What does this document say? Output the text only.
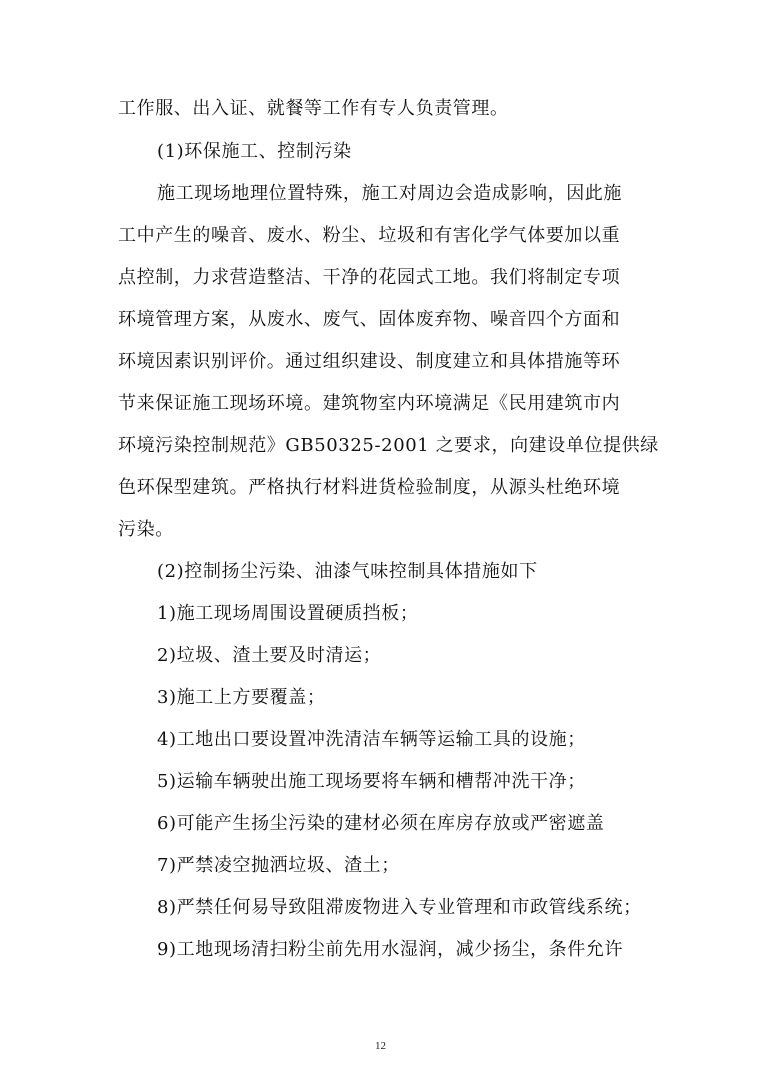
工作服、出入证、就餐等工作有专人负责管理。
(1)环保施工、控制污染
施工现场地理位置特殊，施工对周边会造成影响，因此施
工中产生的噪音、废水、粉尘、垃圾和有害化学气体要加以重
点控制，力求营造整洁、干净的花园式工地。我们将制定专项
环境管理方案，从废水、废气、固体废弃物、噪音四个方面和
环境因素识别评价。通过组织建设、制度建立和具体措施等环
节来保证施工现场环境。建筑物室内环境满足《民用建筑市内
环境污染控制规范》GB50325-2001 之要求，向建设单位提供绿
色环保型建筑。严格执行材料进货检验制度，从源头杜绝环境
污染。
(2)控制扬尘污染、油漆气味控制具体措施如下
1)施工现场周围设置硬质挡板；
2)垃圾、渣土要及时清运；
3)施工上方要覆盖；
4)工地出口要设置冲洗清洁车辆等运输工具的设施；
5)运输车辆驶出施工现场要将车辆和槽帮冲洗干净；
6)可能产生扬尘污染的建材必须在库房存放或严密遮盖
7)严禁凌空抛洒垃圾、渣土；
8)严禁任何易导致阻滞废物进入专业管理和市政管线系统；
9)工地现场清扫粉尘前先用水湿润，减少扬尘，条件允许
12
